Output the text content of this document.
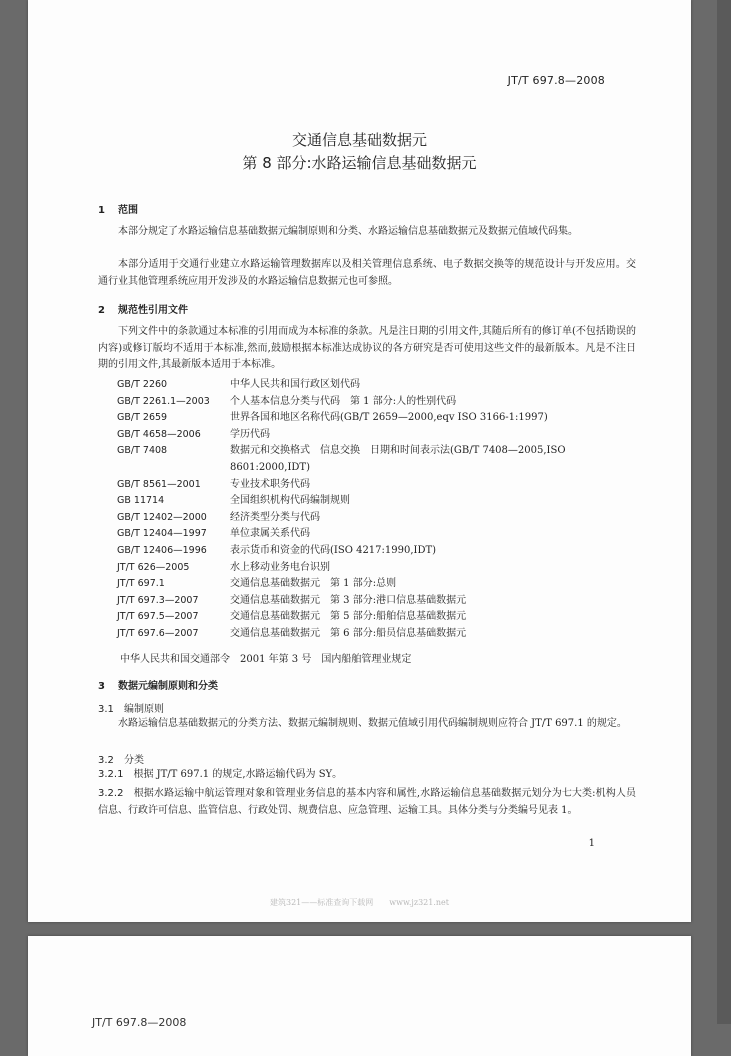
JT/T 697.8—2008
交通信息基础数据元
第 8 部分:水路运输信息基础数据元
1 范围

本部分规定了水路运输信息基础数据元编制原则和分类、水路运输信息基础数据元及数据元值域代码集。

本部分适用于交通行业建立水路运输管理数据库以及相关管理信息系统、电子数据交换等的规范设计与开发应用。交通行业其他管理系统应用开发涉及的水路运输信息数据元也可参照。

2 规范性引用文件

下列文件中的条款通过本标准的引用而成为本标准的条款。凡是注日期的引用文件,其随后所有的修订单(不包括勘误的内容)或修订版均不适用于本标准,然而,鼓励根据本标准达成协议的各方研究是否可使用这些文件的最新版本。凡是不注日期的引用文件,其最新版本适用于本标准。

GB/T 2260	中华人民共和国行政区划代码
GB/T 2261.1—2003	个人基本信息分类与代码　第 1 部分:人的性别代码
GB/T 2659	世界各国和地区名称代码(GB/T 2659—2000,eqv ISO 3166-1:1997)
GB/T 4658—2006	学历代码
GB/T 7408	数据元和交换格式　信息交换　日期和时间表示法(GB/T 7408—2005,ISO 8601:2000,IDT)
GB/T 8561—2001	专业技术职务代码
GB 11714	全国组织机构代码编制规则
GB/T 12402—2000	经济类型分类与代码
GB/T 12404—1997	单位隶属关系代码
GB/T 12406—1996	表示货币和资金的代码(ISO 4217:1990,IDT)
JT/T 626—2005	水上移动业务电台识别
JT/T 697.1	交通信息基础数据元　第 1 部分:总则
JT/T 697.3—2007	交通信息基础数据元　第 3 部分:港口信息基础数据元
JT/T 697.5—2007	交通信息基础数据元　第 5 部分:船舶信息基础数据元
JT/T 697.6—2007	交通信息基础数据元　第 6 部分:船员信息基础数据元
中华人民共和国交通部令　2001 年第 3 号　国内船舶管理业规定
3 数据元编制原则和分类
3.1 编制原则

水路运输信息基础数据元的分类方法、数据元编制规则、数据元值域引用代码编制规则应符合 JT/T 697.1 的规定。

3.2 分类

3.2.1　 根据 JT/T 697.1 的规定,水路运输代码为 SY。

3.2.2　 根据水路运输中航运管理对象和管理业务信息的基本内容和属性,水路运输信息基础数据元划分为七大类:机构人员信息、行政许可信息、监管信息、行政处罚、规费信息、应急管理、运输工具。具体分类与分类编号见表 1。

1
建筑321——标准查询下载网　　www.jz321.net
JT/T 697.8—2008
